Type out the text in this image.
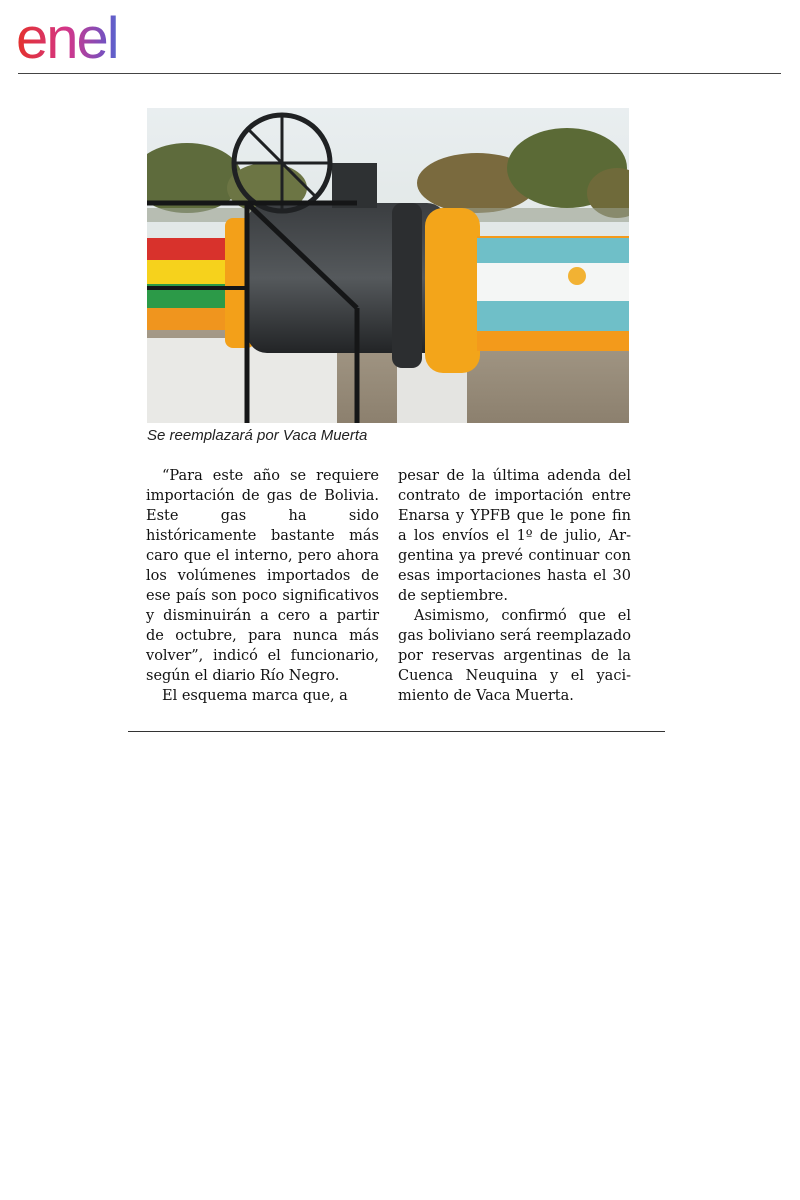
enel
Se reemplazará por Vaca Muerta

“Para este año se requiere importación de gas de Bolivia. Este gas ha sido históricamente bastante más caro que el interno, pero ahora los volúmenes importados de ese país son poco significativos y disminuirán a cero a partir de octubre, para nunca más volver”, indicó el funcionario, según el diario Río Negro.

El esquema marca que, a

pesar de la última adenda del contrato de importación entre Enarsa y YPFB que le pone fin a los envíos el 1º de julio, Argentina ya prevé continuar con esas importaciones hasta el 30 de septiembre.

Asimismo, confirmó que el gas boliviano será reemplazado por reservas argentinas de la Cuenca Neuquina y el yacimiento de Vaca Muerta.
